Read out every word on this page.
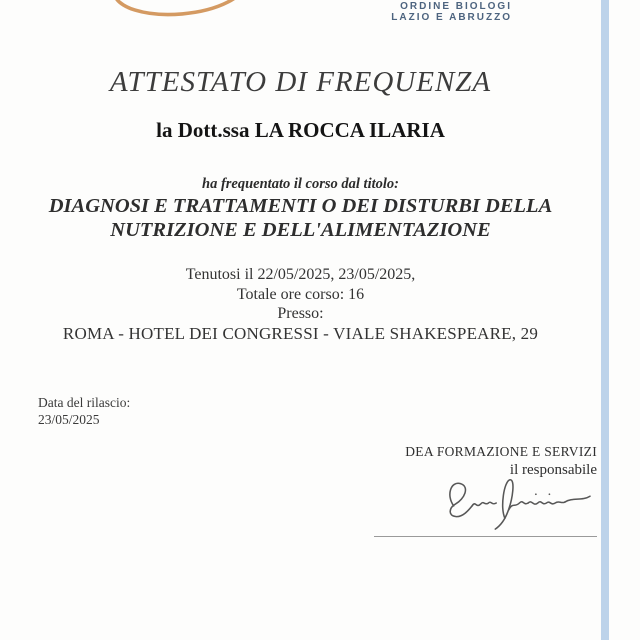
ORDINE BIOLOGI
LAZIO E ABRUZZO
ATTESTATO DI FREQUENZA
la Dott.ssa LA ROCCA ILARIA
ha frequentato il corso dal titolo:
DIAGNOSI E TRATTAMENTI O DEI DISTURBI DELLA
NUTRIZIONE E DELL'ALIMENTAZIONE
Tenutosi il 22/05/2025, 23/05/2025,
Totale ore corso: 16
Presso:
ROMA - HOTEL DEI CONGRESSI - VIALE SHAKESPEARE, 29
Data del rilascio:
23/05/2025
DEA FORMAZIONE E SERVIZI
il responsabile
